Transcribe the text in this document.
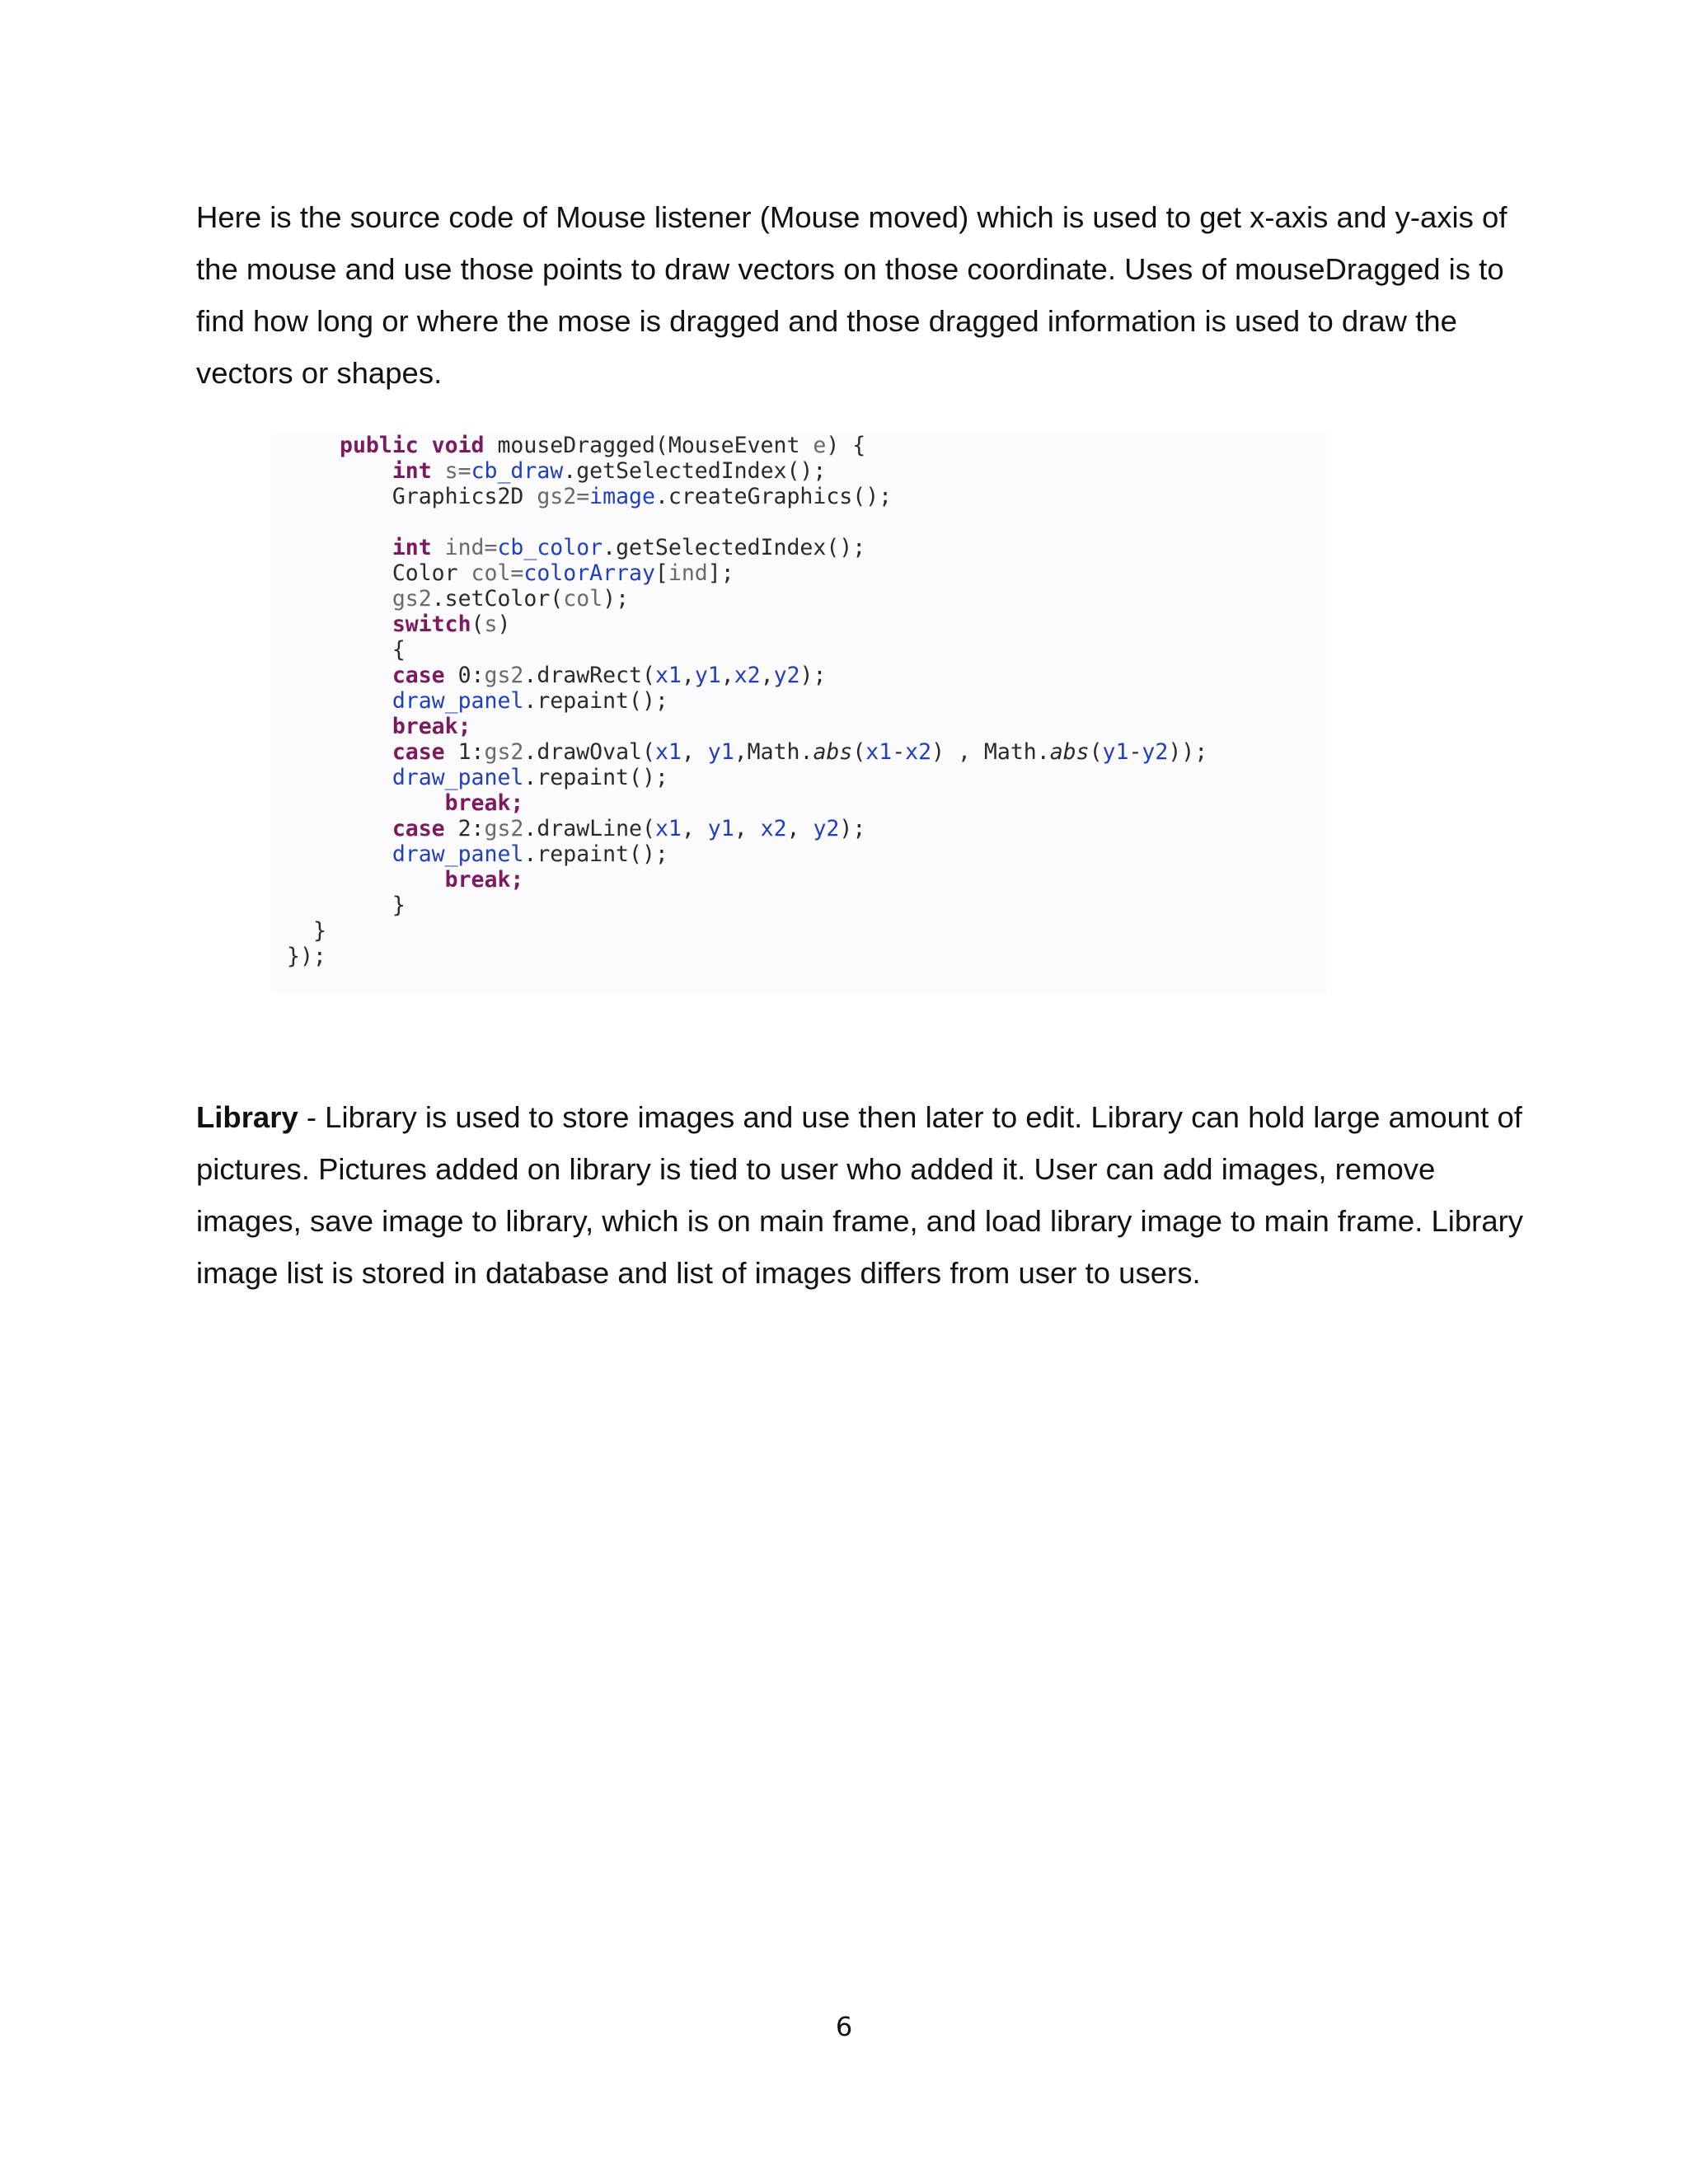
Here is the source code of Mouse listener (Mouse moved) which is used to get x-axis and y-axis of the mouse and use those points to draw vectors on those coordinate. Uses of mouseDragged is to find how long or where the mose is dragged and those dragged information is used to draw the vectors or shapes.

public void mouseDragged(MouseEvent e) {
int s=cb_draw.getSelectedIndex();
Graphics2D gs2=image.createGraphics();
int ind=cb_color.getSelectedIndex();
Color col=colorArray[ind];
gs2.setColor(col);
switch(s)
{
case 0:gs2.drawRect(x1,y1,x2,y2);
draw_panel.repaint();
break;
case 1:gs2.drawOval(x1, y1,Math.abs(x1-x2) , Math.abs(y1-y2));
draw_panel.repaint();
break;
case 2:gs2.drawLine(x1, y1, x2, y2);
draw_panel.repaint();
break;
}
}
});

Library - Library is used to store images and use then later to edit. Library can hold large amount of pictures. Pictures added on library is tied to user who added it. User can add images, remove images, save image to library, which is on main frame, and load library image to main frame. Library image list is stored in database and list of images differs from user to users.

6
